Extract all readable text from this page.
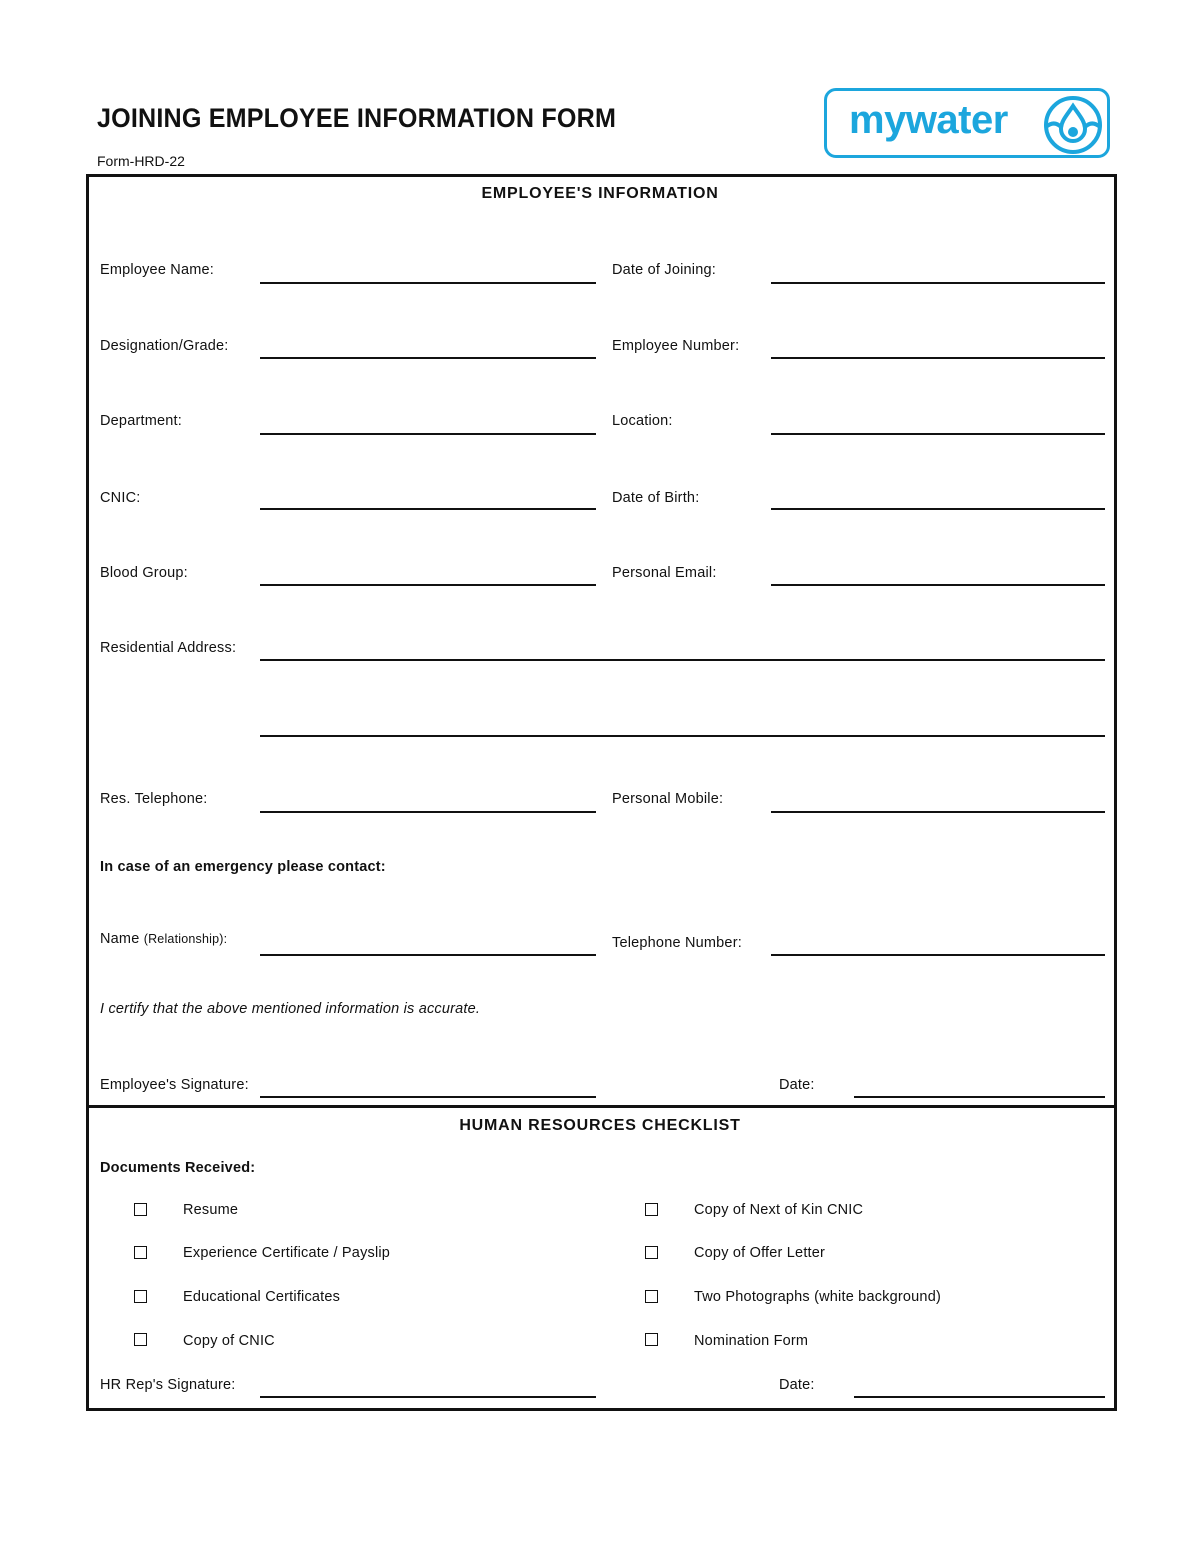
JOINING EMPLOYEE INFORMATION FORM
Form-HRD-22
mywater
EMPLOYEE'S INFORMATION
Employee Name:	Date of Joining:
Designation/Grade:	Employee Number:
Department:	Location:
CNIC:	Date of Birth:
Blood Group:	Personal Email:
Residential Address:
Res. Telephone:	Personal Mobile:
In case of an emergency please contact:
Name (Relationship):	Telephone Number:
I certify that the above mentioned information is accurate.
Employee's Signature:	Date:
HUMAN RESOURCES CHECKLIST
Documents Received:
Resume
Experience Certificate / Payslip
Educational Certificates
Copy of CNIC
Copy of Next of Kin CNIC
Copy of Offer Letter
Two Photographs (white background)
Nomination Form
HR Rep's Signature:	Date:
